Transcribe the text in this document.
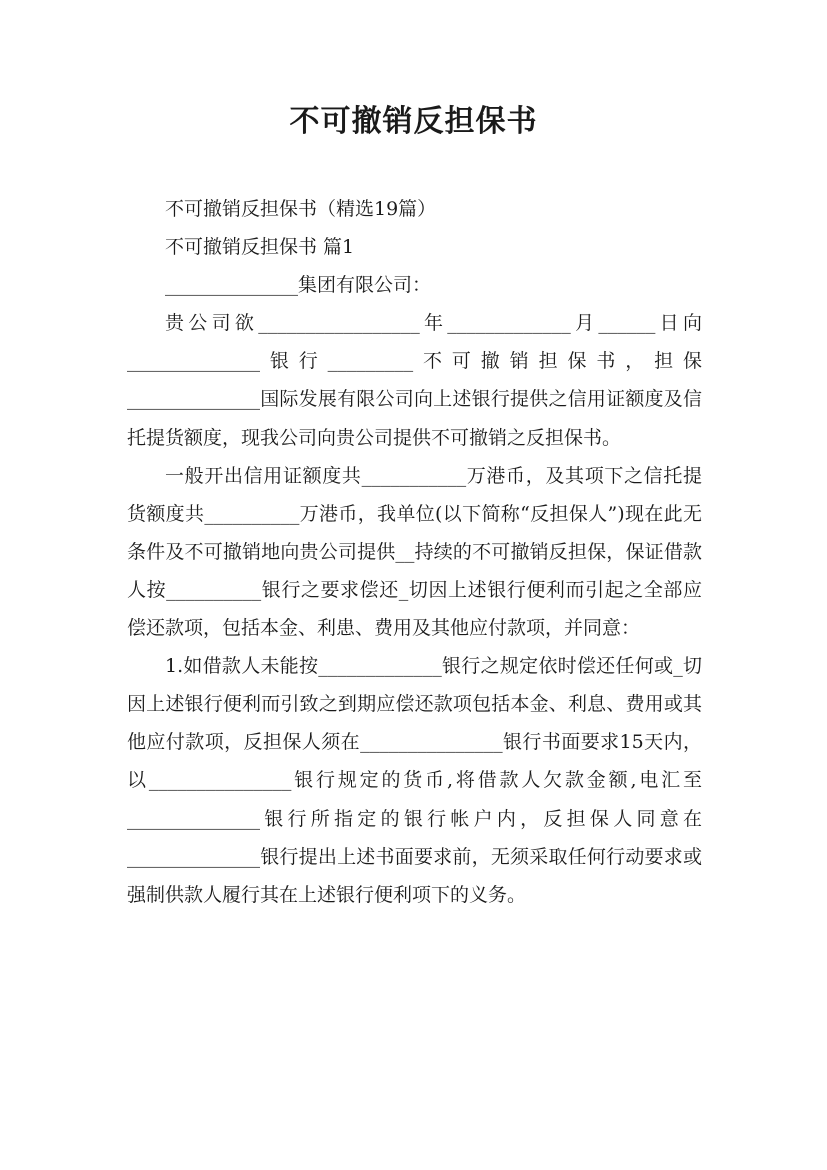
不可撤销反担保书

不可撤销反担保书（精选19篇）

不可撤销反担保书 篇1

______________集团有限公司：

贵公司欲_________________年_____________月______日向______________银行_________不可撤销担保书，担保______________国际发展有限公司向上述银行提供之信用证额度及信托提货额度，现我公司向贵公司提供不可撤销之反担保书。

一般开出信用证额度共___________万港币，及其项下之信托提货额度共__________万港币，我单位(以下简称“反担保人”)现在此无条件及不可撤销地向贵公司提供__持续的不可撤销反担保，保证借款人按__________银行之要求偿还_切因上述银行便利而引起之全部应偿还款项，包括本金、利患、费用及其他应付款项，并同意：

1.如借款人未能按_____________银行之规定依时偿还任何或_切因上述银行便利而引致之到期应偿还款项包括本金、利息、费用或其他应付款项，反担保人须在_______________银行书面要求15天内，以_______________银行规定的货币,将借款人欠款金额,电汇至______________银行所指定的银行帐户内，反担保人同意在______________银行提出上述书面要求前，无须采取任何行动要求或强制供款人履行其在上述银行便利项下的义务。
